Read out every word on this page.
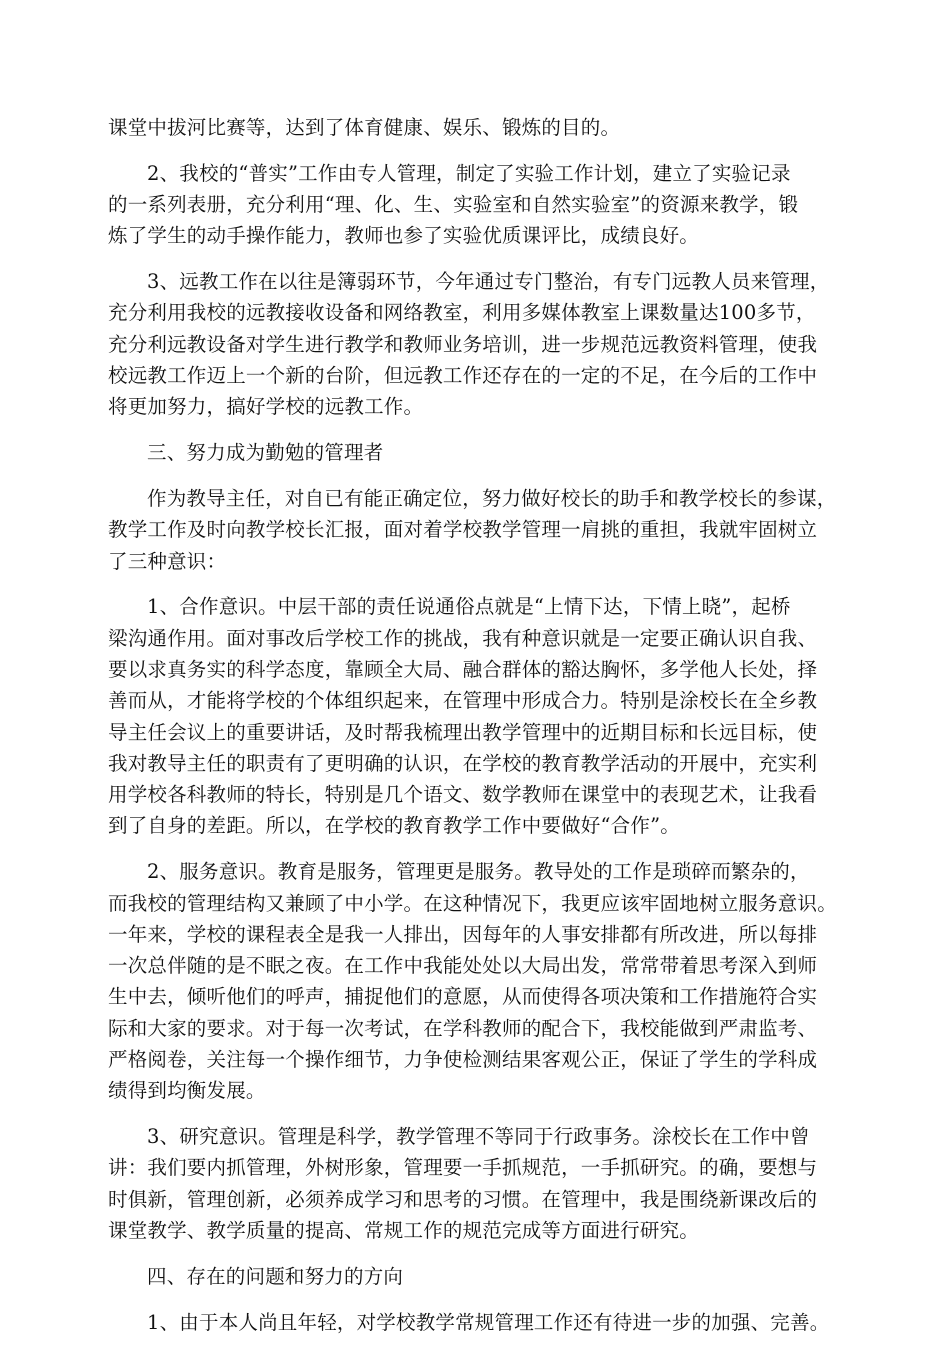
课堂中拔河比赛等，达到了体育健康、娱乐、锻炼的目的。
2、我校的“普实”工作由专人管理，制定了实验工作计划，建立了实验记录
的一系列表册，充分利用“理、化、生、实验室和自然实验室”的资源来教学，锻
炼了学生的动手操作能力，教师也参了实验优质课评比，成绩良好。
3、远教工作在以往是簿弱环节，今年通过专门整治，有专门远教人员来管理，
充分利用我校的远教接收设备和网络教室，利用多媒体教室上课数量达100多节，
充分利远教设备对学生进行教学和教师业务培训，进一步规范远教资料管理，使我
校远教工作迈上一个新的台阶，但远教工作还存在的一定的不足，在今后的工作中
将更加努力，搞好学校的远教工作。
三、努力成为勤勉的管理者
作为教导主任，对自已有能正确定位，努力做好校长的助手和教学校长的参谋，
教学工作及时向教学校长汇报，面对着学校教学管理一肩挑的重担，我就牢固树立
了三种意识：
1、合作意识。中层干部的责任说通俗点就是“上情下达，下情上晓”，起桥
梁沟通作用。面对事改后学校工作的挑战，我有种意识就是一定要正确认识自我、
要以求真务实的科学态度，靠顾全大局、融合群体的豁达胸怀，多学他人长处，择
善而从，才能将学校的个体组织起来，在管理中形成合力。特别是涂校长在全乡教
导主任会议上的重要讲话，及时帮我梳理出教学管理中的近期目标和长远目标，使
我对教导主任的职责有了更明确的认识，在学校的教育教学活动的开展中，充实利
用学校各科教师的特长，特别是几个语文、数学教师在课堂中的表现艺术，让我看
到了自身的差距。所以，在学校的教育教学工作中要做好“合作”。
2、服务意识。教育是服务，管理更是服务。教导处的工作是琐碎而繁杂的，
而我校的管理结构又兼顾了中小学。在这种情况下，我更应该牢固地树立服务意识。
一年来，学校的课程表全是我一人排出，因每年的人事安排都有所改进，所以每排
一次总伴随的是不眠之夜。在工作中我能处处以大局出发，常常带着思考深入到师
生中去，倾听他们的呼声，捕捉他们的意愿，从而使得各项决策和工作措施符合实
际和大家的要求。对于每一次考试，在学科教师的配合下，我校能做到严肃监考、
严格阅卷，关注每一个操作细节，力争使检测结果客观公正，保证了学生的学科成
绩得到均衡发展。
3、研究意识。管理是科学，教学管理不等同于行政事务。涂校长在工作中曾
讲：我们要内抓管理，外树形象，管理要一手抓规范，一手抓研究。的确，要想与
时俱新，管理创新，必须养成学习和思考的习惯。在管理中，我是围绕新课改后的
课堂教学、教学质量的提高、常规工作的规范完成等方面进行研究。
四、存在的问题和努力的方向
1、由于本人尚且年轻，对学校教学常规管理工作还有待进一步的加强、完善。
